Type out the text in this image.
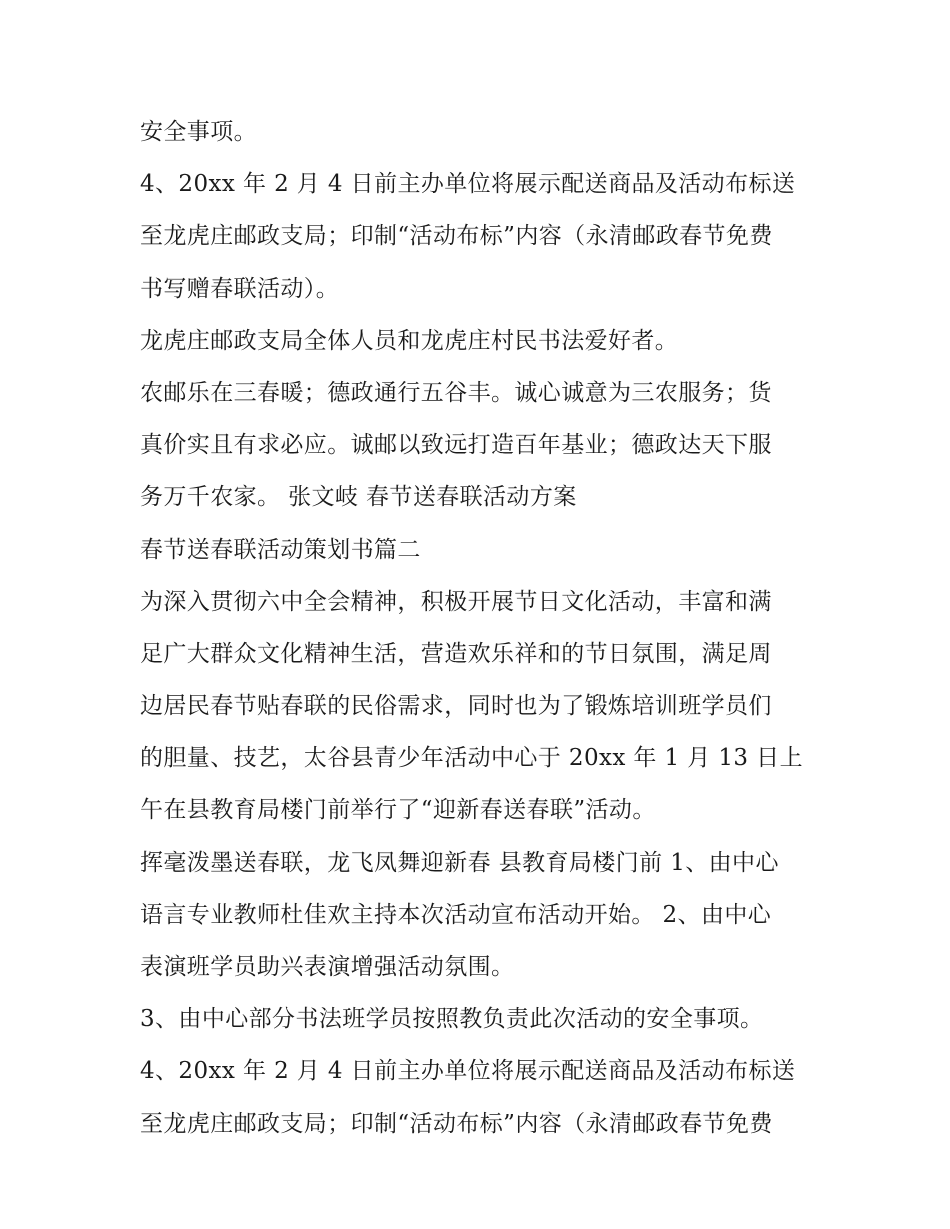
安全事项。
4、20xx 年 2 月 4 日前主办单位将展示配送商品及活动布标送
至龙虎庄邮政支局；印制“活动布标”内容（永清邮政春节免费
书写赠春联活动）。
龙虎庄邮政支局全体人员和龙虎庄村民书法爱好者。
农邮乐在三春暖；德政通行五谷丰。诚心诚意为三农服务；货
真价实且有求必应。诚邮以致远打造百年基业；德政达天下服
务万千农家。 张文岐 春节送春联活动方案
春节送春联活动策划书篇二
为深入贯彻六中全会精神，积极开展节日文化活动，丰富和满
足广大群众文化精神生活，营造欢乐祥和的节日氛围，满足周
边居民春节贴春联的民俗需求，同时也为了锻炼培训班学员们
的胆量、技艺，太谷县青少年活动中心于 20xx 年 1 月 13 日上
午在县教育局楼门前举行了“迎新春送春联”活动。
挥毫泼墨送春联，龙飞凤舞迎新春 县教育局楼门前 1、由中心
语言专业教师杜佳欢主持本次活动宣布活动开始。 2、由中心
表演班学员助兴表演增强活动氛围。
3、由中心部分书法班学员按照教负责此次活动的安全事项。
4、20xx 年 2 月 4 日前主办单位将展示配送商品及活动布标送
至龙虎庄邮政支局；印制“活动布标”内容（永清邮政春节免费
